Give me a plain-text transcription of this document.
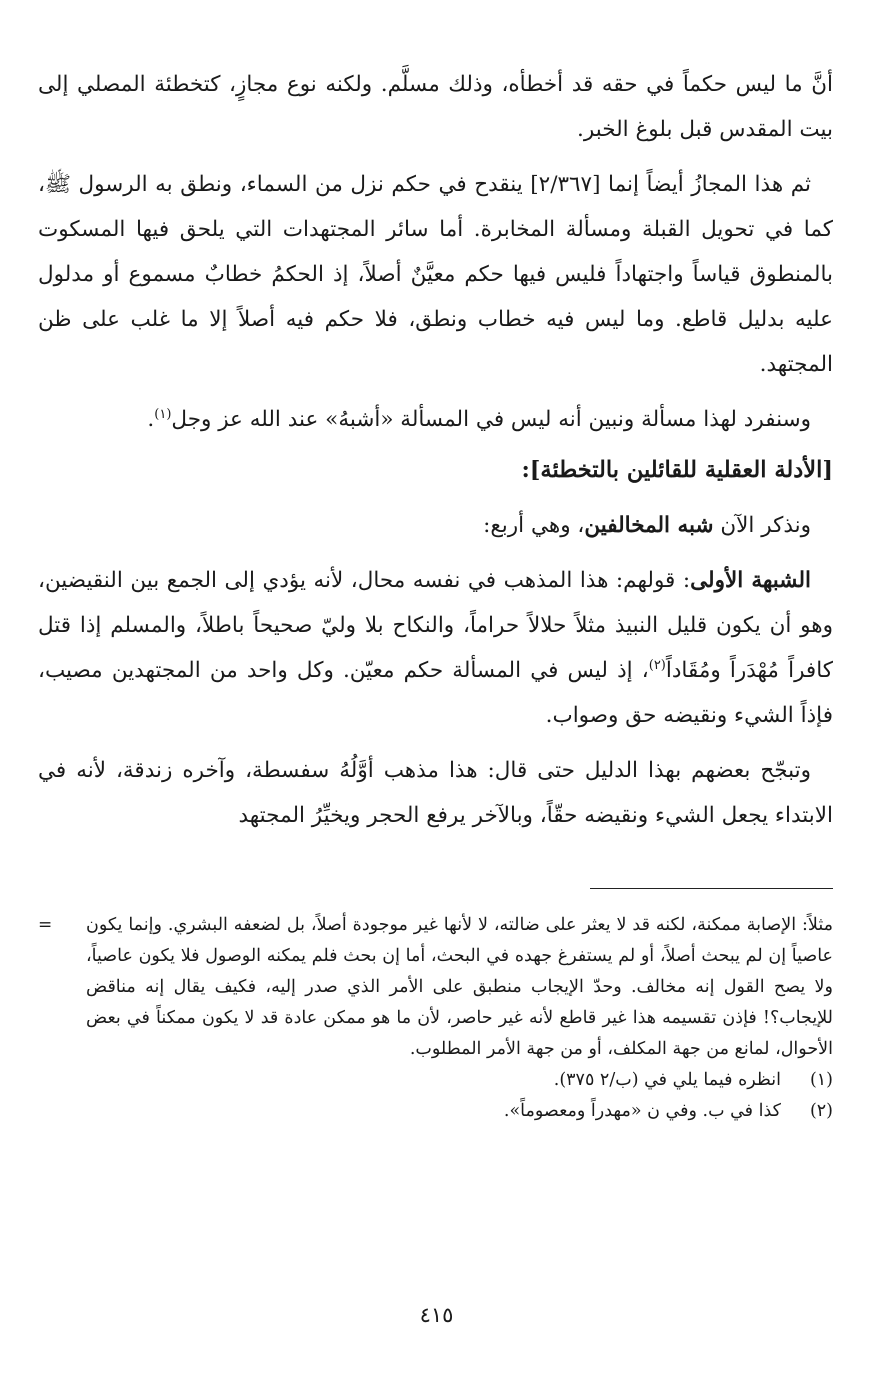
أنَّ ما ليس حكماً في حقه قد أخطأه، وذلك مسلَّم. ولكنه نوع مجازٍ، كتخطئة المصلي إلى بيت المقدس قبل بلوغ الخبر.

ثم هذا المجازُ أيضاً إنما [٢/٣٦٧] ينقدح في حكم نزل من السماء، ونطق به الرسول ﷺ، كما في تحويل القبلة ومسألة المخابرة. أما سائر المجتهدات التي يلحق فيها المسكوت بالمنطوق قياساً واجتهاداً فليس فيها حكم معيَّنٌ أصلاً، إذ الحكمُ خطابٌ مسموع أو مدلول عليه بدليل قاطع. وما ليس فيه خطاب ونطق، فلا حكم فيه أصلاً إلا ما غلب على ظن المجتهد.

وسنفرد لهذا مسألة ونبين أنه ليس في المسألة «أشبهُ» عند الله عز وجل$^{(١)}$.

[الأدلة العقلية للقائلين بالتخطئة]:

ونذكر الآن شبه المخالفين، وهي أربع:

الشبهة الأولى: قولهم: هذا المذهب في نفسه محال، لأنه يؤدي إلى الجمع بين النقيضين، وهو أن يكون قليل النبيذ مثلاً حلالاً حراماً، والنكاح بلا وليّ صحيحاً باطلاً، والمسلم إذا قتل كافراً مُهْدَراً ومُقَاداً$^{(٢)}$، إذ ليس في المسألة حكم معيّن. وكل واحد من المجتهدين مصيب، فإذاً الشيء ونقيضه حق وصواب.

وتبجّح بعضهم بهذا الدليل حتى قال: هذا مذهب أوَّلُهُ سفسطة، وآخره زندقة، لأنه في الابتداء يجعل الشيء ونقيضه حقّاً، وبالآخر يرفع الحجر ويخيِّرُ المجتهد

= مثلاً: الإصابة ممكنة، لكنه قد لا يعثر على ضالته، لا لأنها غير موجودة أصلاً، بل لضعفه البشري. وإنما يكون عاصياً إن لم يبحث أصلاً، أو لم يستفرغ جهده في البحث، أما إن بحث فلم يمكنه الوصول فلا يكون عاصياً، ولا يصح القول إنه مخالف. وحدّ الإيجاب منطبق على الأمر الذي صدر إليه، فكيف يقال إنه مناقض للإيجاب؟! فإذن تقسيمه هذا غير قاطع لأنه غير حاصر، لأن ما هو ممكن عادة قد لا يكون ممكناً في بعض الأحوال، لمانع من جهة المكلف، أو من جهة الأمر المطلوب.
(١)
انظره فيما يلي في (ب/٢ ٣٧٥).
(٢)
كذا في ب. وفي ن «مهدراً ومعصوماً».
٤١٥
